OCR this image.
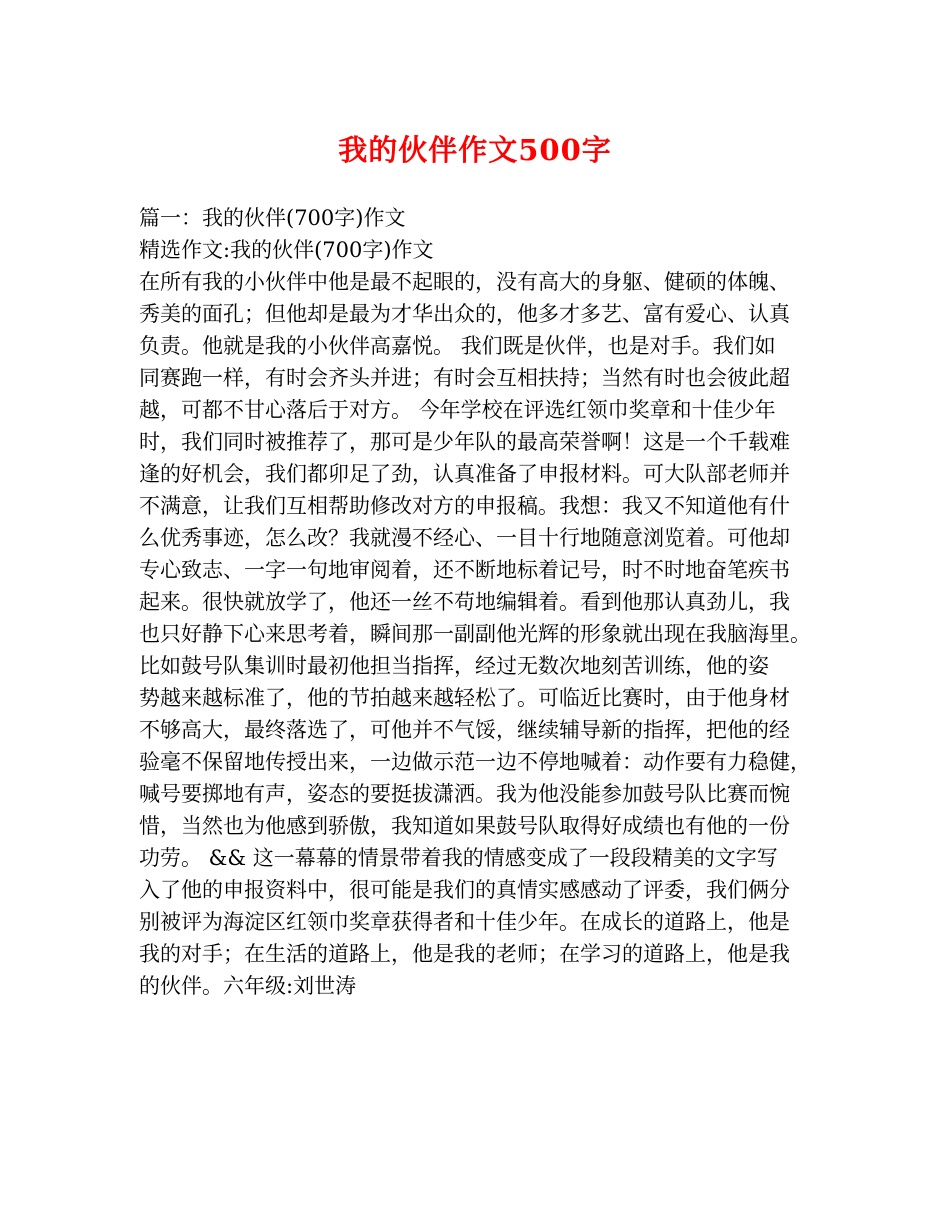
我的伙伴作文500字
篇一：我的伙伴(700字)作文
精选作文:我的伙伴(700字)作文
在所有我的小伙伴中他是最不起眼的，没有高大的身躯、健硕的体魄、
秀美的面孔；但他却是最为才华出众的，他多才多艺、富有爱心、认真
负责。他就是我的小伙伴高嘉悦。 我们既是伙伴，也是对手。我们如
同赛跑一样，有时会齐头并进；有时会互相扶持；当然有时也会彼此超
越，可都不甘心落后于对方。 今年学校在评选红领巾奖章和十佳少年
时，我们同时被推荐了，那可是少年队的最高荣誉啊！这是一个千载难
逢的好机会，我们都卯足了劲，认真准备了申报材料。可大队部老师并
不满意，让我们互相帮助修改对方的申报稿。我想：我又不知道他有什
么优秀事迹，怎么改？我就漫不经心、一目十行地随意浏览着。可他却
专心致志、一字一句地审阅着，还不断地标着记号，时不时地奋笔疾书
起来。很快就放学了，他还一丝不苟地编辑着。看到他那认真劲儿，我
也只好静下心来思考着，瞬间那一副副他光辉的形象就出现在我脑海里。
比如鼓号队集训时最初他担当指挥，经过无数次地刻苦训练，他的姿
势越来越标准了，他的节拍越来越轻松了。可临近比赛时，由于他身材
不够高大，最终落选了，可他并不气馁，继续辅导新的指挥，把他的经
验毫不保留地传授出来，一边做示范一边不停地喊着：动作要有力稳健，
喊号要掷地有声，姿态的要挺拔潇洒。我为他没能参加鼓号队比赛而惋
惜，当然也为他感到骄傲，我知道如果鼓号队取得好成绩也有他的一份
功劳。 && 这一幕幕的情景带着我的情感变成了一段段精美的文字写
入了他的申报资料中，很可能是我们的真情实感感动了评委，我们俩分
别被评为海淀区红领巾奖章获得者和十佳少年。在成长的道路上，他是
我的对手；在生活的道路上，他是我的老师；在学习的道路上，他是我
的伙伴。六年级:刘世涛
